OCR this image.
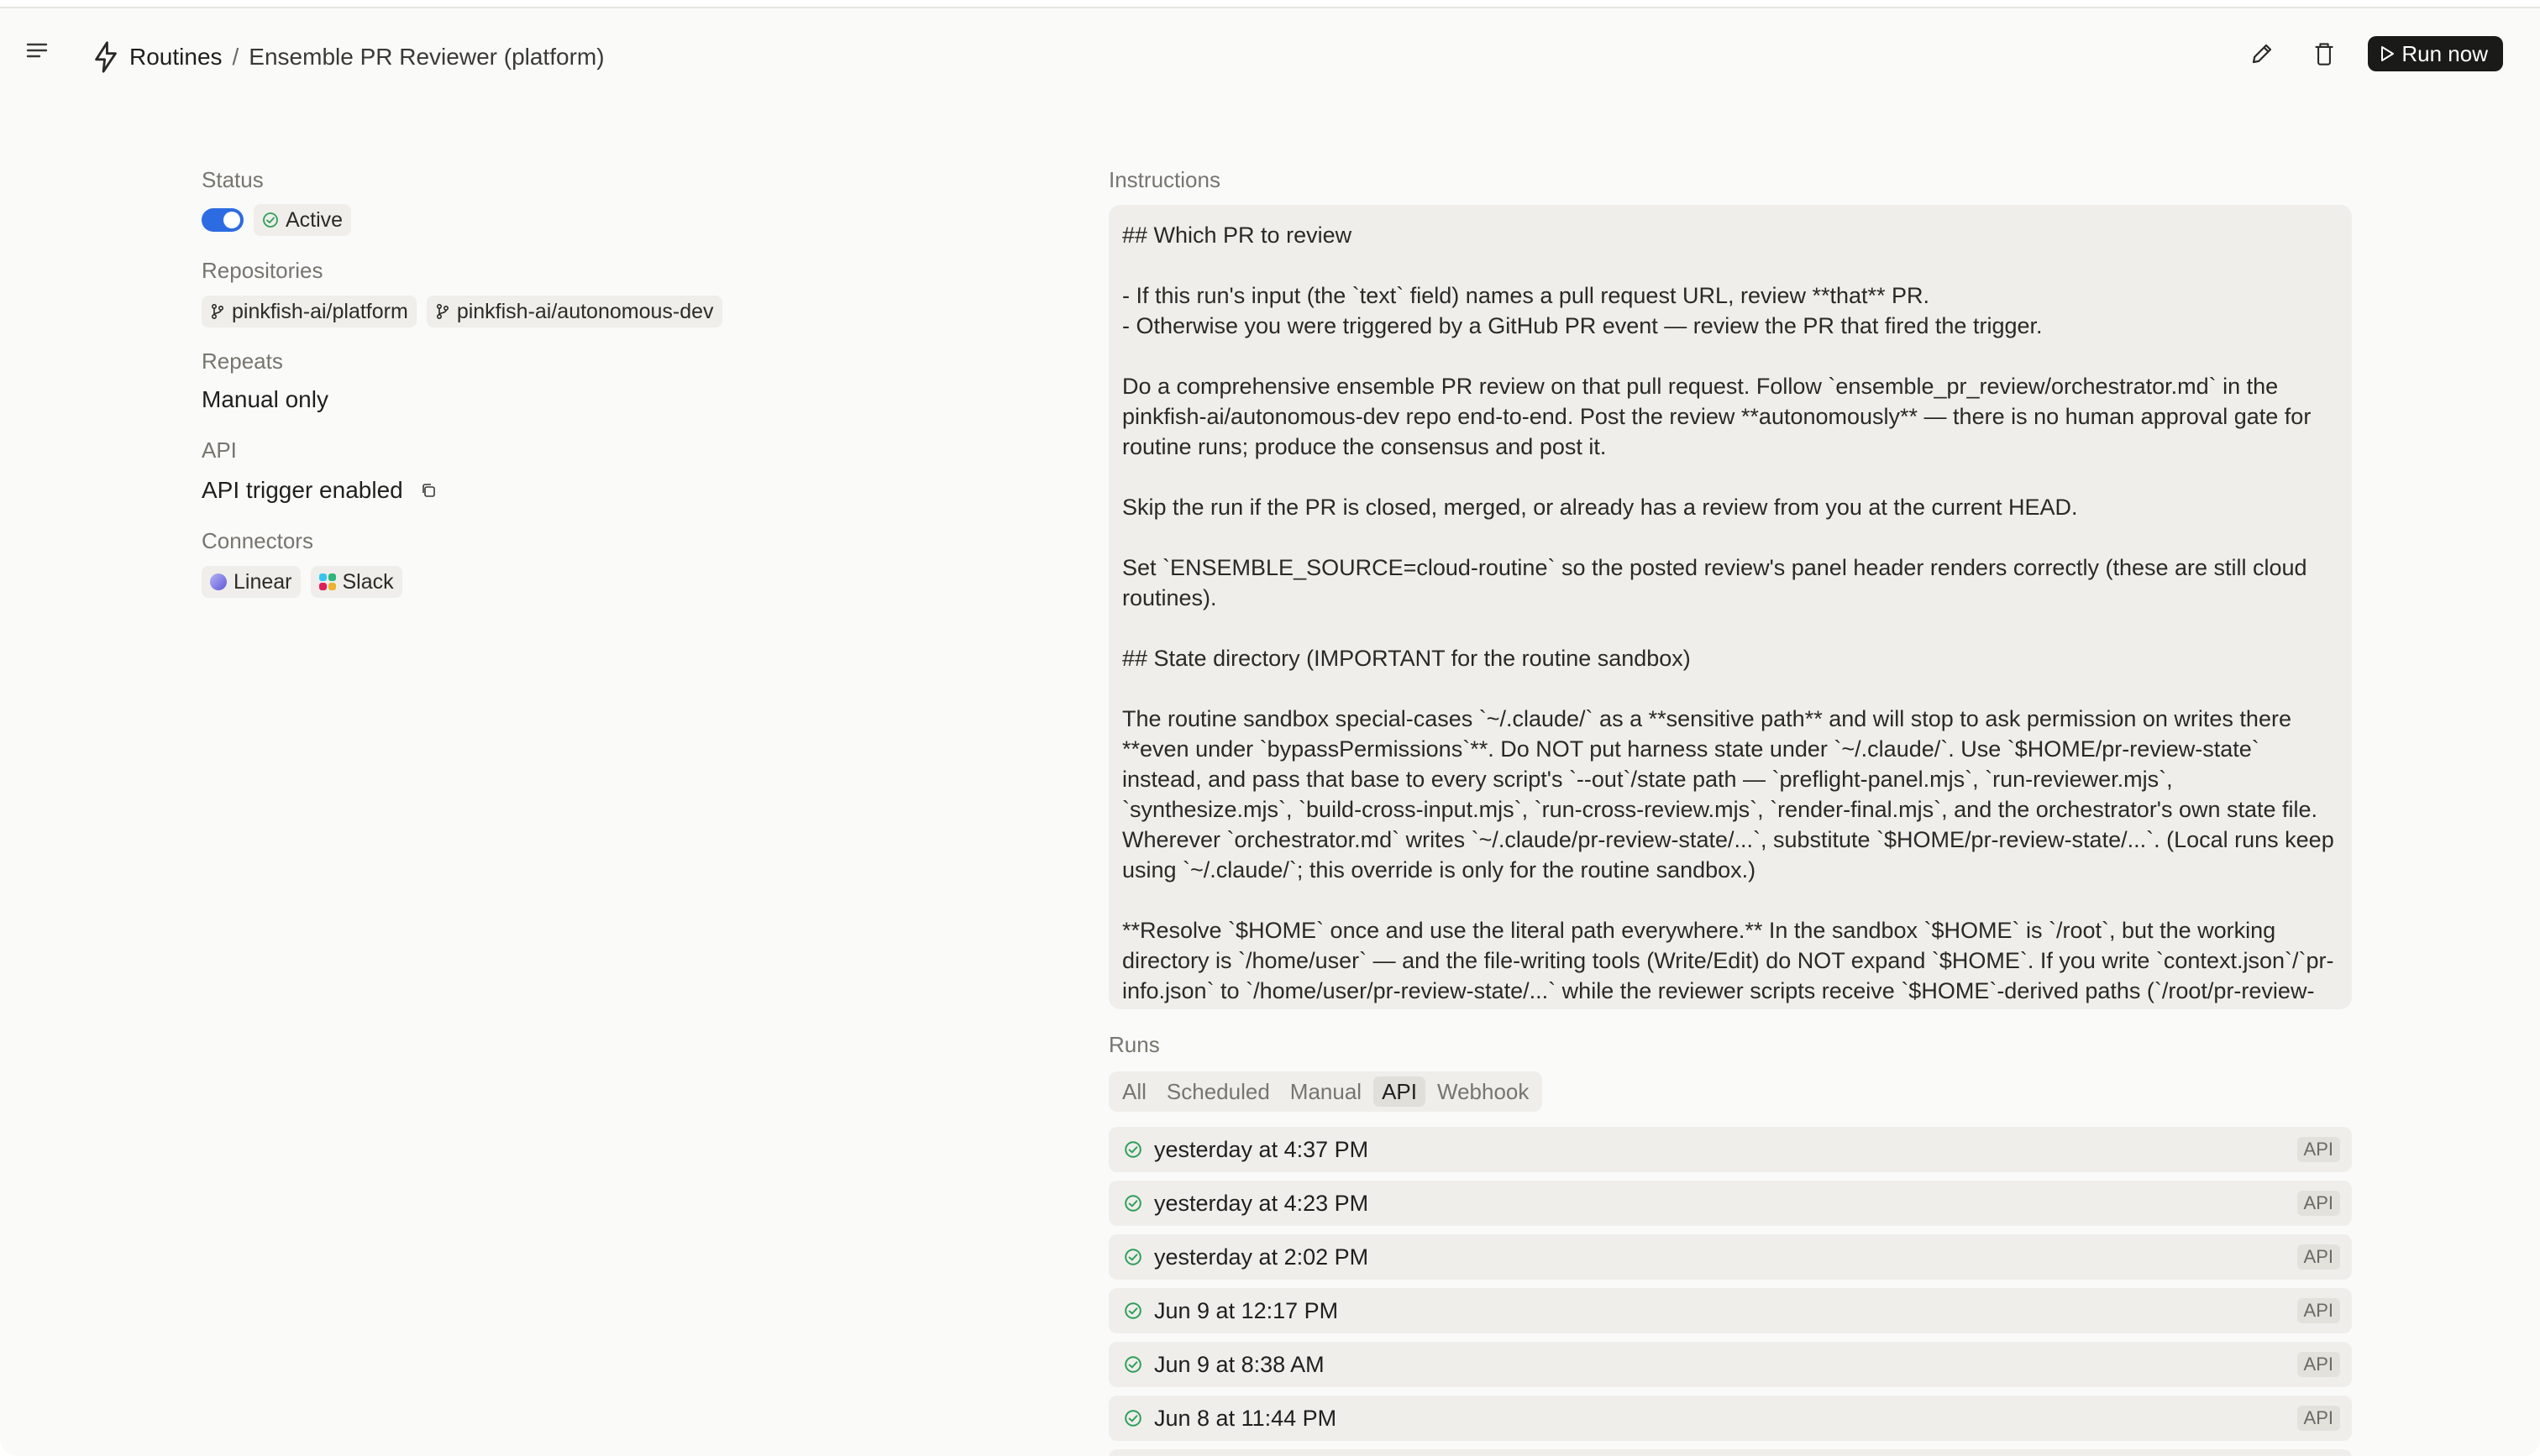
Routines / Ensemble PR Reviewer (platform)	Run now
Status
Active
Repositories
pinkfish-ai/platform pinkfish-ai/autonomous-dev
Repeats
Manual only
API
API trigger enabled
Connectors
Linear Slack
Instructions

## Which PR to review

- If this run's input (the `text` field) names a pull request URL, review **that** PR.
- Otherwise you were triggered by a GitHub PR event — review the PR that fired the trigger.

Do a comprehensive ensemble PR review on that pull request. Follow `ensemble_pr_review/orchestrator.md` in the pinkfish-ai/autonomous-dev repo end-to-end. Post the review **autonomously** — there is no human approval gate for routine runs; produce the consensus and post it.

Skip the run if the PR is closed, merged, or already has a review from you at the current HEAD.

Set `ENSEMBLE_SOURCE=cloud-routine` so the posted review's panel header renders correctly (these are still cloud routines).

## State directory (IMPORTANT for the routine sandbox)

The routine sandbox special-cases `~/.claude/` as a **sensitive path** and will stop to ask permission on writes there **even under `bypassPermissions`**. Do NOT put harness state under `~/.claude/`. Use `$HOME/pr-review-state` instead, and pass that base to every script's `--out`/state path — `preflight-panel.mjs`, `run-reviewer.mjs`, `synthesize.mjs`, `build-cross-input.mjs`, `run-cross-review.mjs`, `render-final.mjs`, and the orchestrator's own state file. Wherever `orchestrator.md` writes `~/.claude/pr-review-state/...`, substitute `$HOME/pr-review-state/...`. (Local runs keep using `~/.claude/`; this override is only for the routine sandbox.)

**Resolve `$HOME` once and use the literal path everywhere.** In the sandbox `$HOME` is `/root`, but the working directory is `/home/user` — and the file-writing tools (Write/Edit) do NOT expand `$HOME`. If you write `context.json`/`pr-info.json` to `/home/user/pr-review-state/...` while the reviewer scripts receive `$HOME`-derived paths (`/root/pr-review-

Runs
All Scheduled Manual API Webhook
yesterday at 4:37 PM	API
yesterday at 4:23 PM	API
yesterday at 2:02 PM	API
Jun 9 at 12:17 PM	API
Jun 9 at 8:38 AM	API
Jun 8 at 11:44 PM	API
